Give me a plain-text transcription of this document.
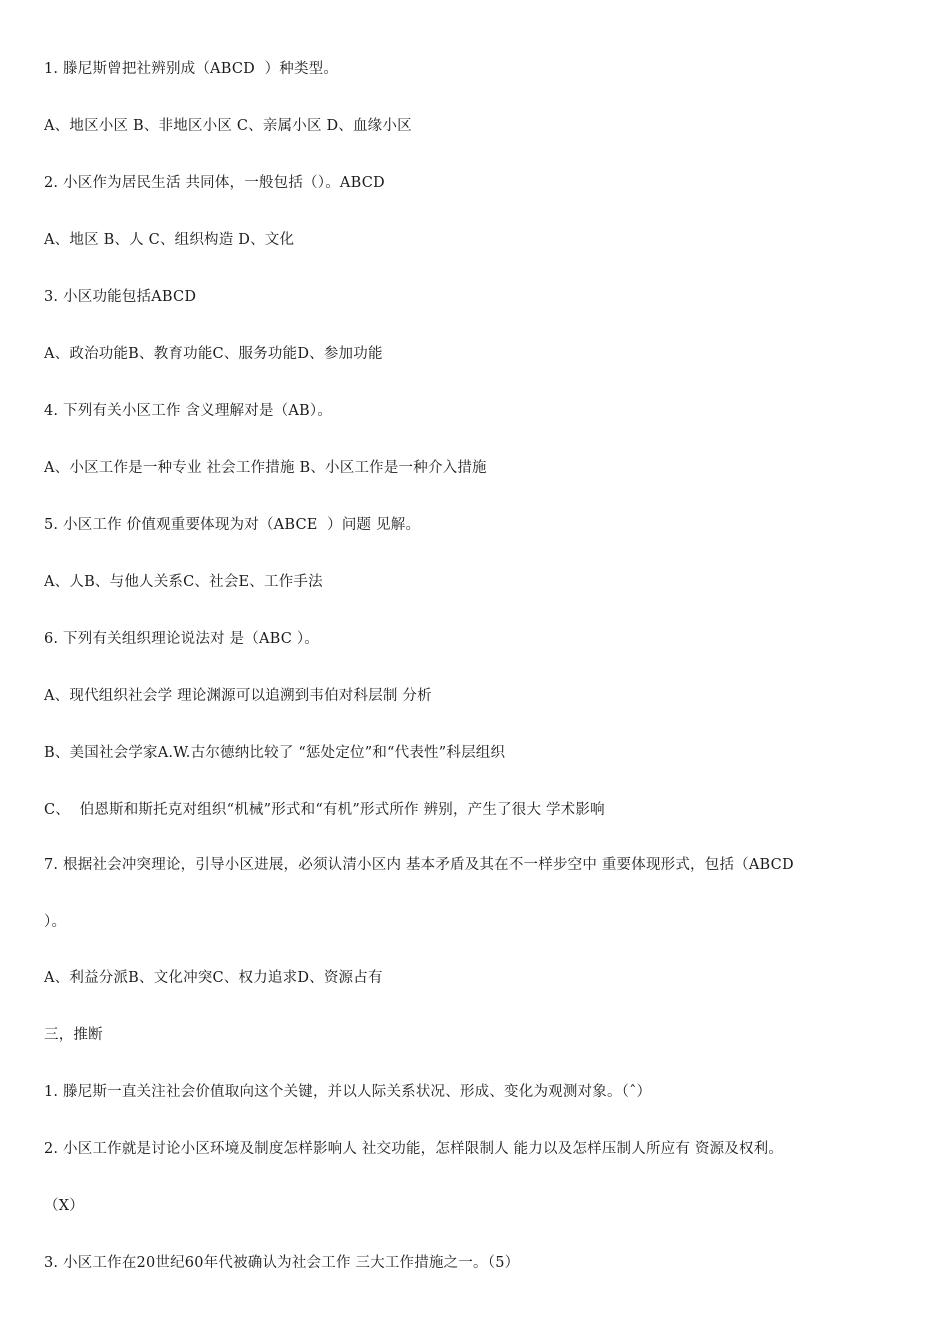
1. 滕尼斯曾把社辨别成（ABCD  ）种类型。
A、地区小区 B、非地区小区 C、亲属小区 D、血缘小区
2. 小区作为居民生活 共同体，一般包括（）。ABCD
A、地区 B、人 C、组织构造 D、文化
3. 小区功能包括ABCD
A、政治功能B、教育功能C、服务功能D、参加功能
4. 下列有关小区工作 含义理解对是（AB）。
A、小区工作是一种专业 社会工作措施 B、小区工作是一种介入措施
5. 小区工作 价值观重要体现为对（ABCE  ）问题 见解。
A、人B、与他人关系C、社会E、工作手法
6. 下列有关组织理论说法对 是（ABC ）。
A、现代组织社会学 理论渊源可以追溯到韦伯对科层制 分析
B、美国社会学家A.W.古尔德纳比较了 “惩处定位”和“代表性”科层组织
C、  伯恩斯和斯托克对组织“机械”形式和“有机”形式所作 辨别，产生了很大 学术影响
7. 根据社会冲突理论，引导小区进展，必须认清小区内 基本矛盾及其在不一样步空中 重要体现形式，包括（ABCD
）。
A、利益分派B、文化冲突C、权力追求D、资源占有
三，推断
1. 滕尼斯一直关注社会价值取向这个关键，并以人际关系状况、形成、变化为观测对象。（ˆ）
2. 小区工作就是讨论小区环境及制度怎样影响人 社交功能，怎样限制人 能力以及怎样压制人所应有 资源及权利。
（X）
3. 小区工作在20世纪60年代被确认为社会工作 三大工作措施之一。（5）
